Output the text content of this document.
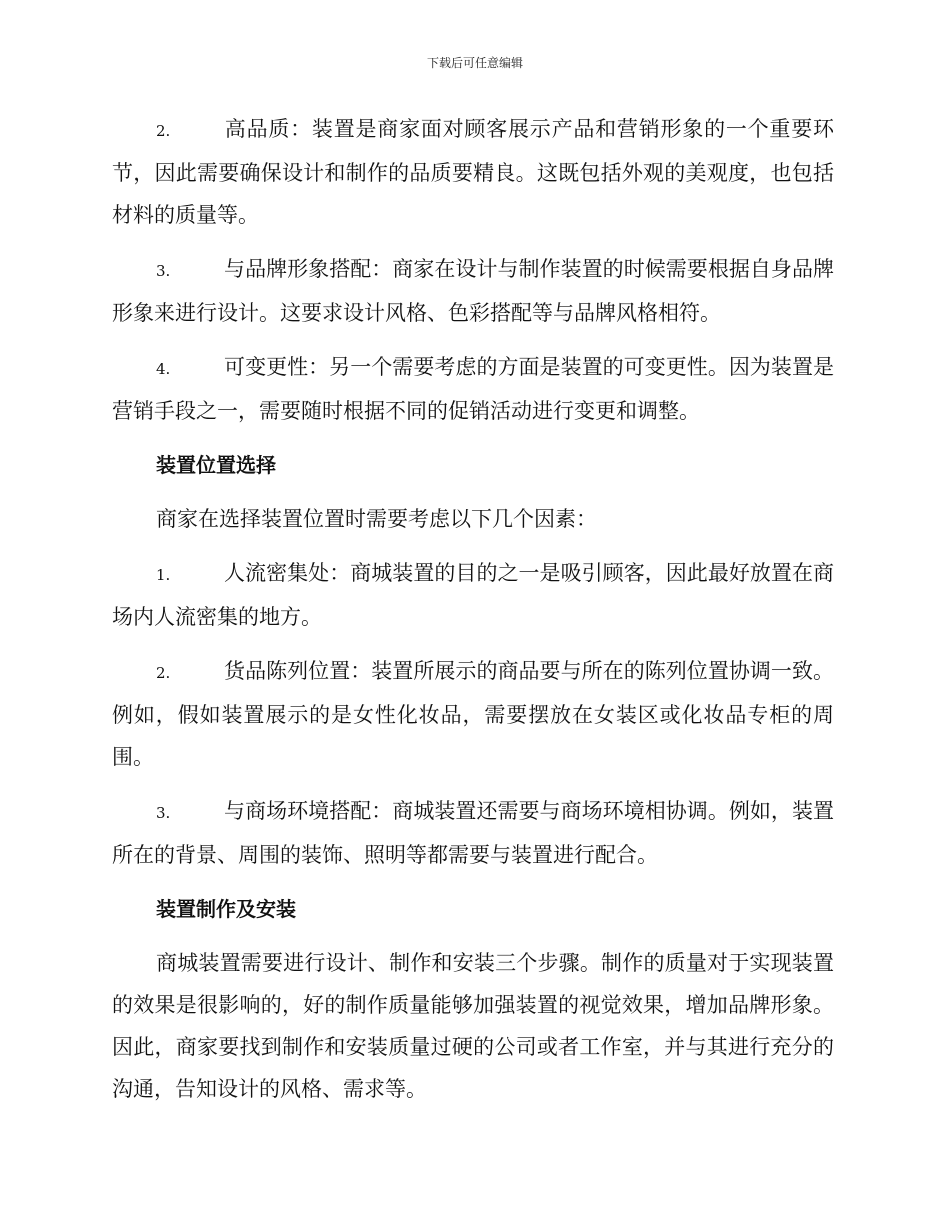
下载后可任意编辑

2.	高品质：装置是商家面对顾客展示产品和营销形象的一个重要环节，因此需要确保设计和制作的品质要精良。这既包括外观的美观度，也包括材料的质量等。

3.	与品牌形象搭配：商家在设计与制作装置的时候需要根据自身品牌形象来进行设计。这要求设计风格、色彩搭配等与品牌风格相符。

4.	可变更性：另一个需要考虑的方面是装置的可变更性。因为装置是营销手段之一，需要随时根据不同的促销活动进行变更和调整。

装置位置选择

商家在选择装置位置时需要考虑以下几个因素：

1.	人流密集处：商城装置的目的之一是吸引顾客，因此最好放置在商场内人流密集的地方。

2.	货品陈列位置：装置所展示的商品要与所在的陈列位置协调一致。例如，假如装置展示的是女性化妆品，需要摆放在女装区或化妆品专柜的周围。

3.	与商场环境搭配：商城装置还需要与商场环境相协调。例如，装置所在的背景、周围的装饰、照明等都需要与装置进行配合。

装置制作及安装

商城装置需要进行设计、制作和安装三个步骤。制作的质量对于实现装置的效果是很影响的，好的制作质量能够加强装置的视觉效果，增加品牌形象。因此，商家要找到制作和安装质量过硬的公司或者工作室，并与其进行充分的沟通，告知设计的风格、需求等。
